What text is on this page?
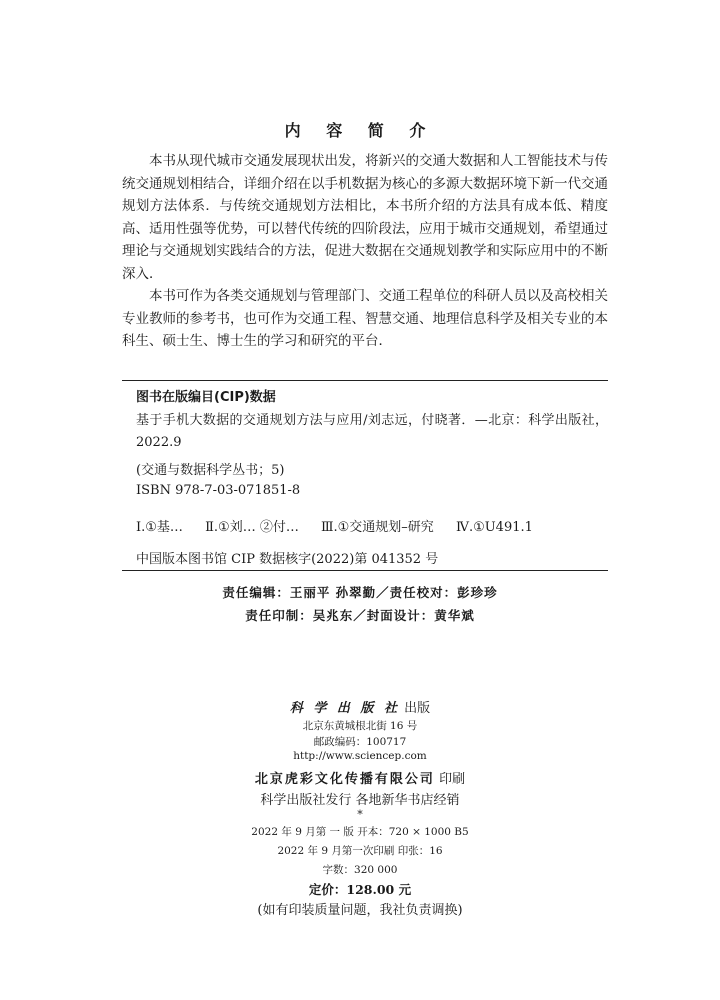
内 容 简 介

本书从现代城市交通发展现状出发，将新兴的交通大数据和人工智能技术与传统交通规划相结合，详细介绍在以手机数据为核心的多源大数据环境下新一代交通规划方法体系．与传统交通规划方法相比，本书所介绍的方法具有成本低、精度高、适用性强等优势，可以替代传统的四阶段法，应用于城市交通规划，希望通过理论与交通规划实践结合的方法，促进大数据在交通规划教学和实际应用中的不断深入．

本书可作为各类交通规划与管理部门、交通工程单位的科研人员以及高校相关专业教师的参考书，也可作为交通工程、智慧交通、地理信息科学及相关专业的本科生、硕士生、博士生的学习和研究的平台．

图书在版编目(CIP)数据
基于手机大数据的交通规划方法与应用/刘志远，付晓著．—北京：科学出版社，2022.9
(交通与数据科学丛书；5)
ISBN 978-7-03-071851-8
Ⅰ.①基… Ⅱ.①刘… ②付… Ⅲ.①交通规划–研究 Ⅳ.①U491.1
中国版本图书馆 CIP 数据核字(2022)第 041352 号
责任编辑：王丽平 孙翠勤／责任校对：彭珍珍
责任印制：吴兆东／封面设计：黄华斌
科 学 出 版 社 出版
北京东黄城根北街 16 号
邮政编码：100717
http://www.sciencep.com
北京虎彩文化传播有限公司 印刷
科学出版社发行 各地新华书店经销
*
2022 年 9 月第 一 版 开本：720 × 1000 B5
2022 年 9 月第一次印刷 印张：16
字数：320 000
定价：128.00 元
(如有印装质量问题，我社负责调换)
